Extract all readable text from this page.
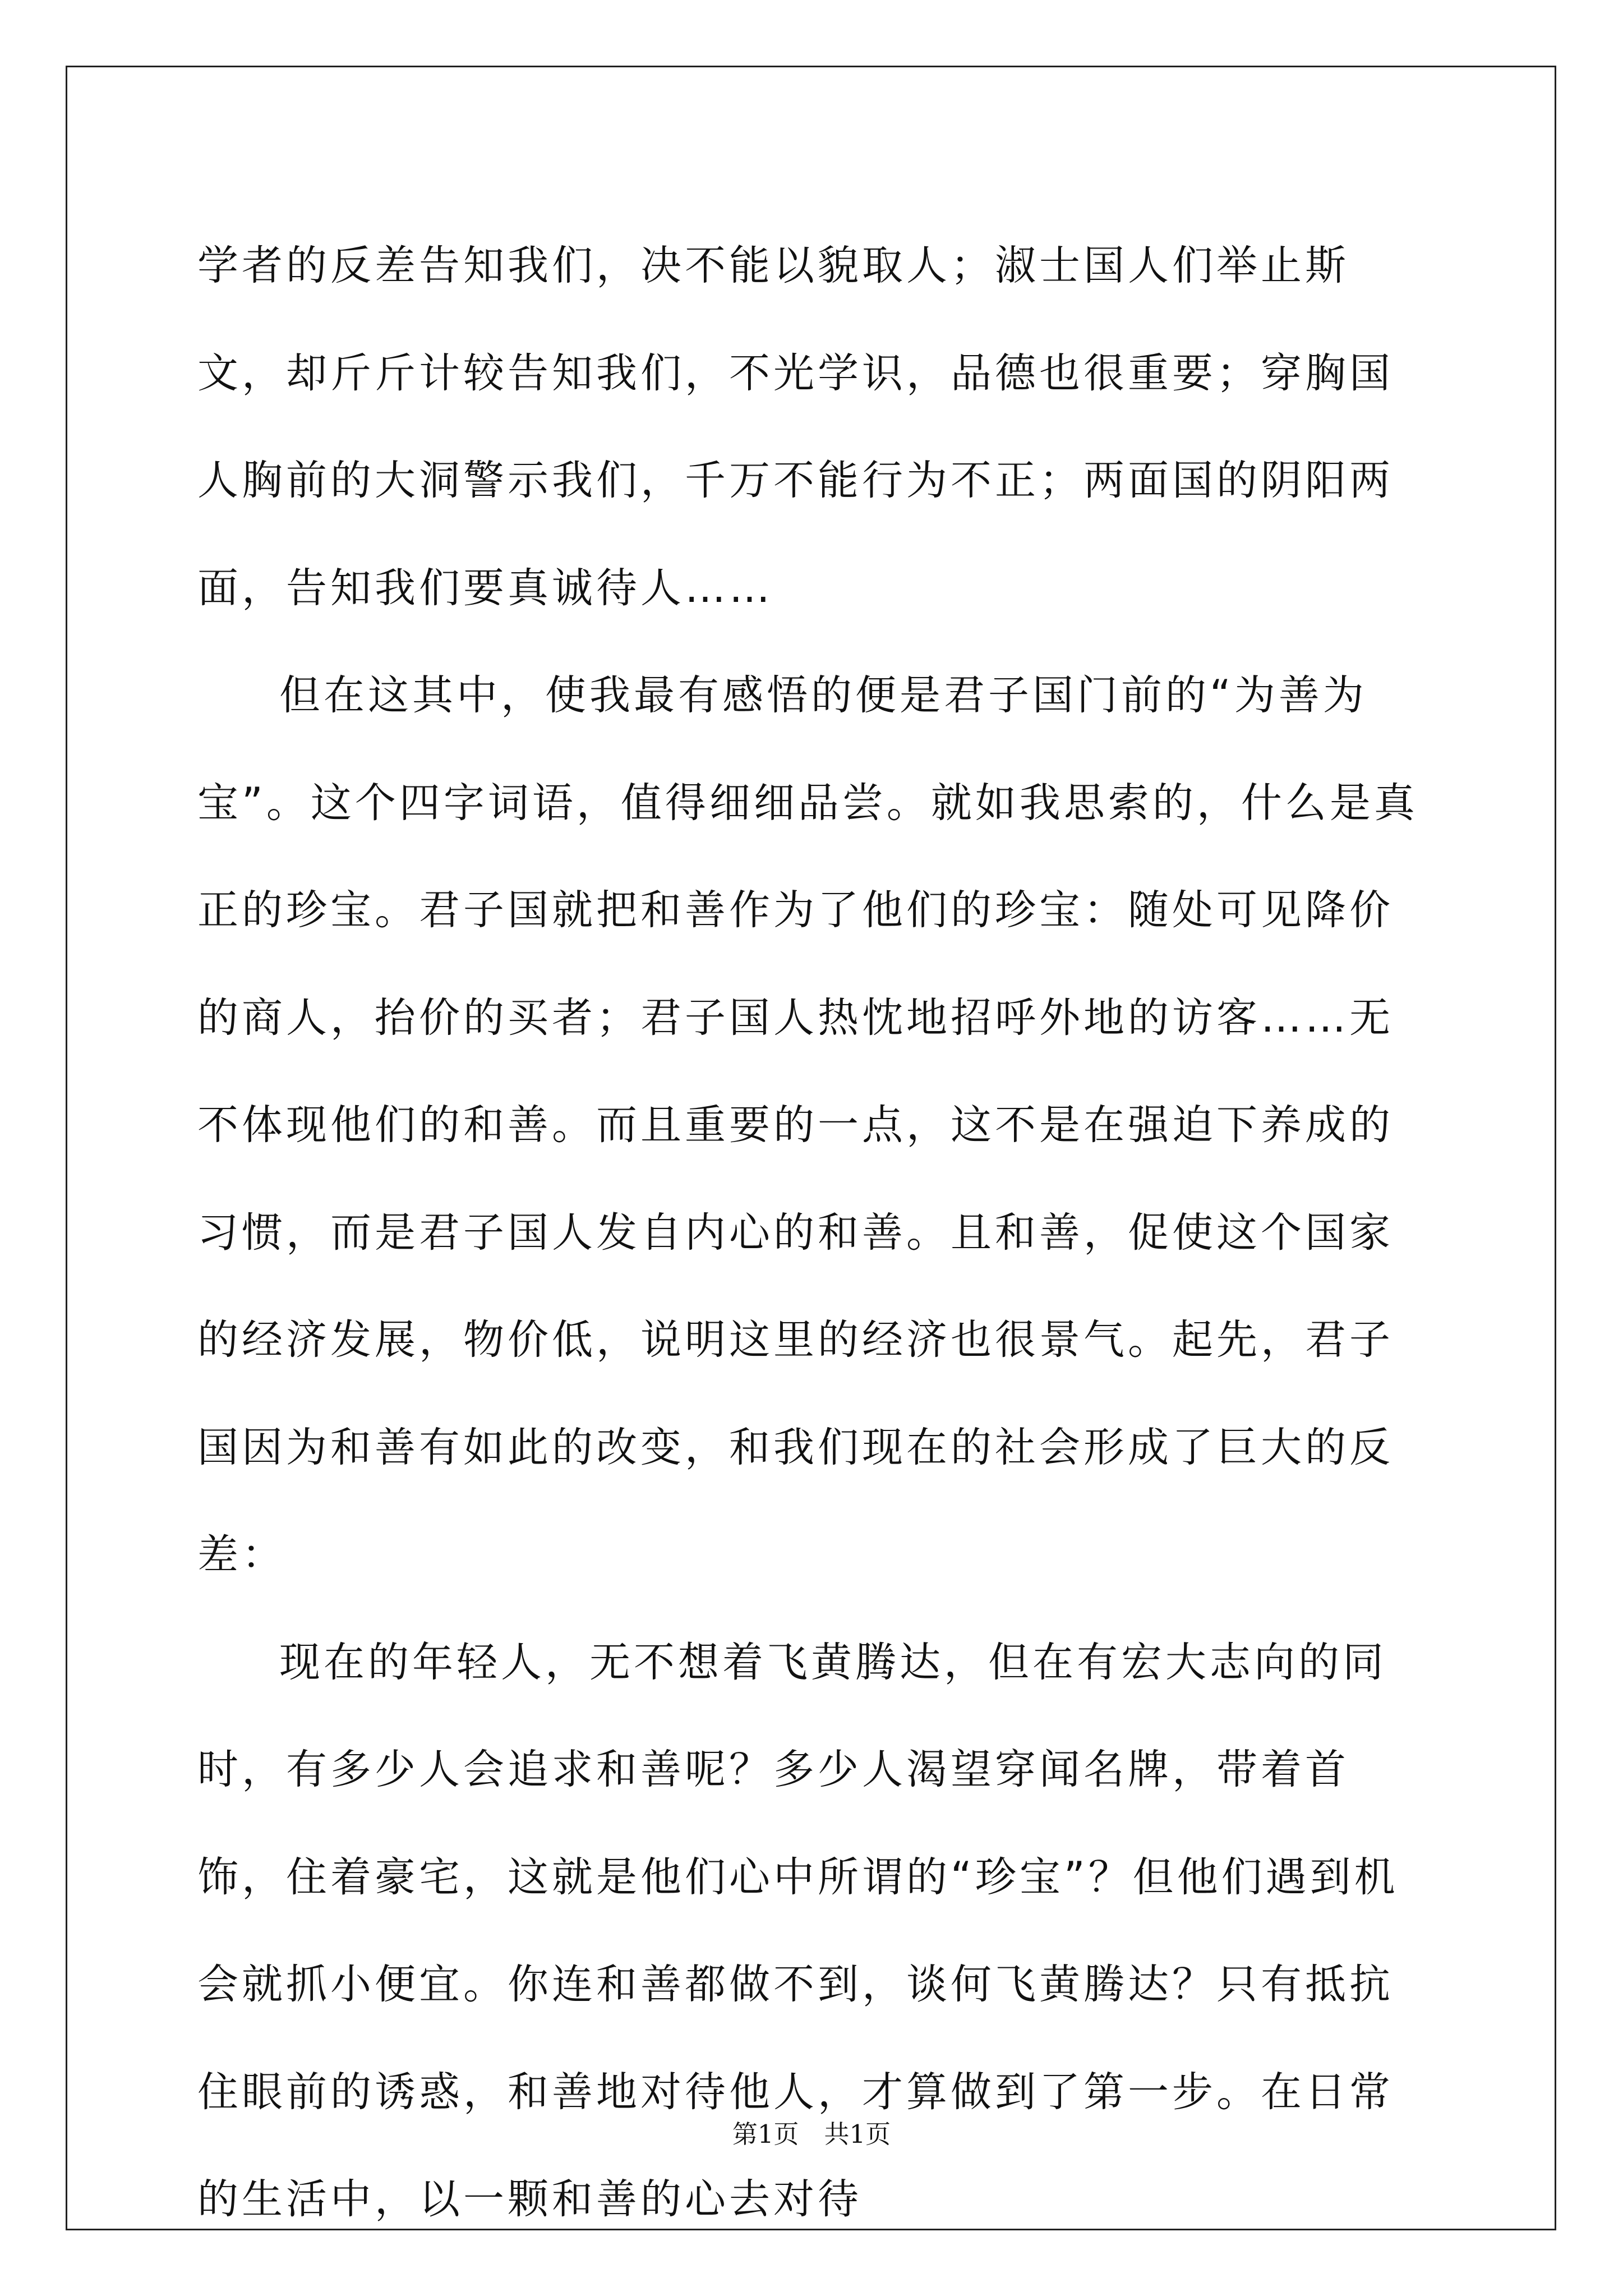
学者的反差告知我们，决不能以貌取人；淑士国人们举止斯文，却斤斤计较告知我们，不光学识，品德也很重要；穿胸国人胸前的大洞警示我们，千万不能行为不正；两面国的阴阳两面，告知我们要真诚待人……

但在这其中，使我最有感悟的便是君子国门前的“为善为宝”。这个四字词语，值得细细品尝。就如我思索的，什么是真正的珍宝。君子国就把和善作为了他们的珍宝：随处可见降价的商人，抬价的买者；君子国人热忱地招呼外地的访客……无不体现他们的和善。而且重要的一点，这不是在强迫下养成的习惯，而是君子国人发自内心的和善。且和善，促使这个国家的经济发展，物价低，说明这里的经济也很景气。起先，君子国因为和善有如此的改变，和我们现在的社会形成了巨大的反差：

现在的年轻人，无不想着飞黄腾达，但在有宏大志向的同时，有多少人会追求和善呢？多少人渴望穿闻名牌，带着首饰，住着豪宅，这就是他们心中所谓的“珍宝”？但他们遇到机会就抓小便宜。你连和善都做不到，谈何飞黄腾达？只有抵抗住眼前的诱惑，和善地对待他人，才算做到了第一步。在日常的生活中，以一颗和善的心去对待

第1页　共1页
